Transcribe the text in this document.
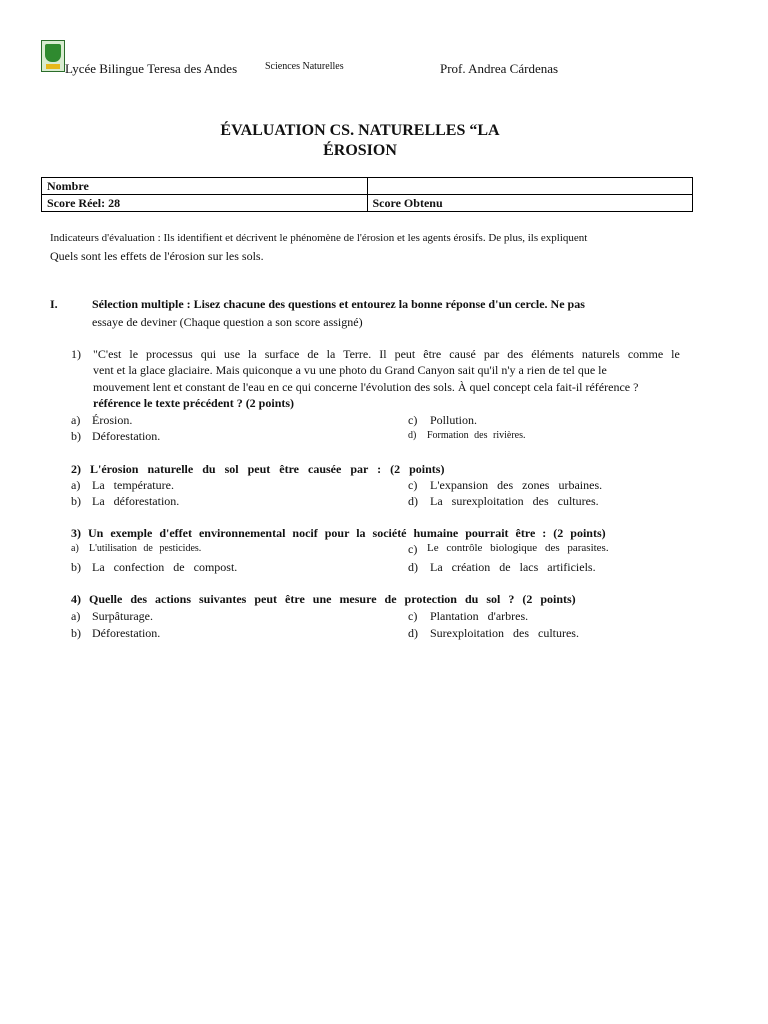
Lycée Bilingue Teresa des Andes	Sciences Naturelles	Prof. Andrea Cárdenas
ÉVALUATION CS. NATURELLES “LA
ÉROSION
Nombre	
Score Réel: 28	Score Obtenu
Indicateurs d'évaluation : Ils identifient et décrivent le phénomène de l'érosion et les agents érosifs. De plus, ils expliquent
Quels sont les effets de l'érosion sur les sols.
I.	Sélection multiple : Lisez chacune des questions et entourez la bonne réponse d'un cercle. Ne pas
essaye de deviner (Chaque question a son score assigné)
1) "C'est le processus qui use la surface de la Terre. Il peut être causé par des éléments naturels comme le
vent et la glace glaciaire. Mais quiconque a vu une photo du Grand Canyon sait qu'il n'y a rien de tel que le
mouvement lent et constant de l'eau en ce qui concerne l'évolution des sols. À quel concept cela fait-il référence ?
référence le texte précédent ? (2 points)
a) Érosion.
b) Déforestation.
c) Pollution.
d) Formation des rivières.
2) L'érosion naturelle du sol peut être causée par : (2 points)
a) La température.
b) La déforestation.
c) L'expansion des zones urbaines.
d) La surexploitation des cultures.
3) Un exemple d'effet environnemental nocif pour la société humaine pourrait être : (2 points)
a) L'utilisation de pesticides.
b) La confection de compost.
c) Le contrôle biologique des parasites.
d) La création de lacs artificiels.
4) Quelle des actions suivantes peut être une mesure de protection du sol ? (2 points)
a) Surpâturage.
b) Déforestation.
c) Plantation d'arbres.
d) Surexploitation des cultures.
